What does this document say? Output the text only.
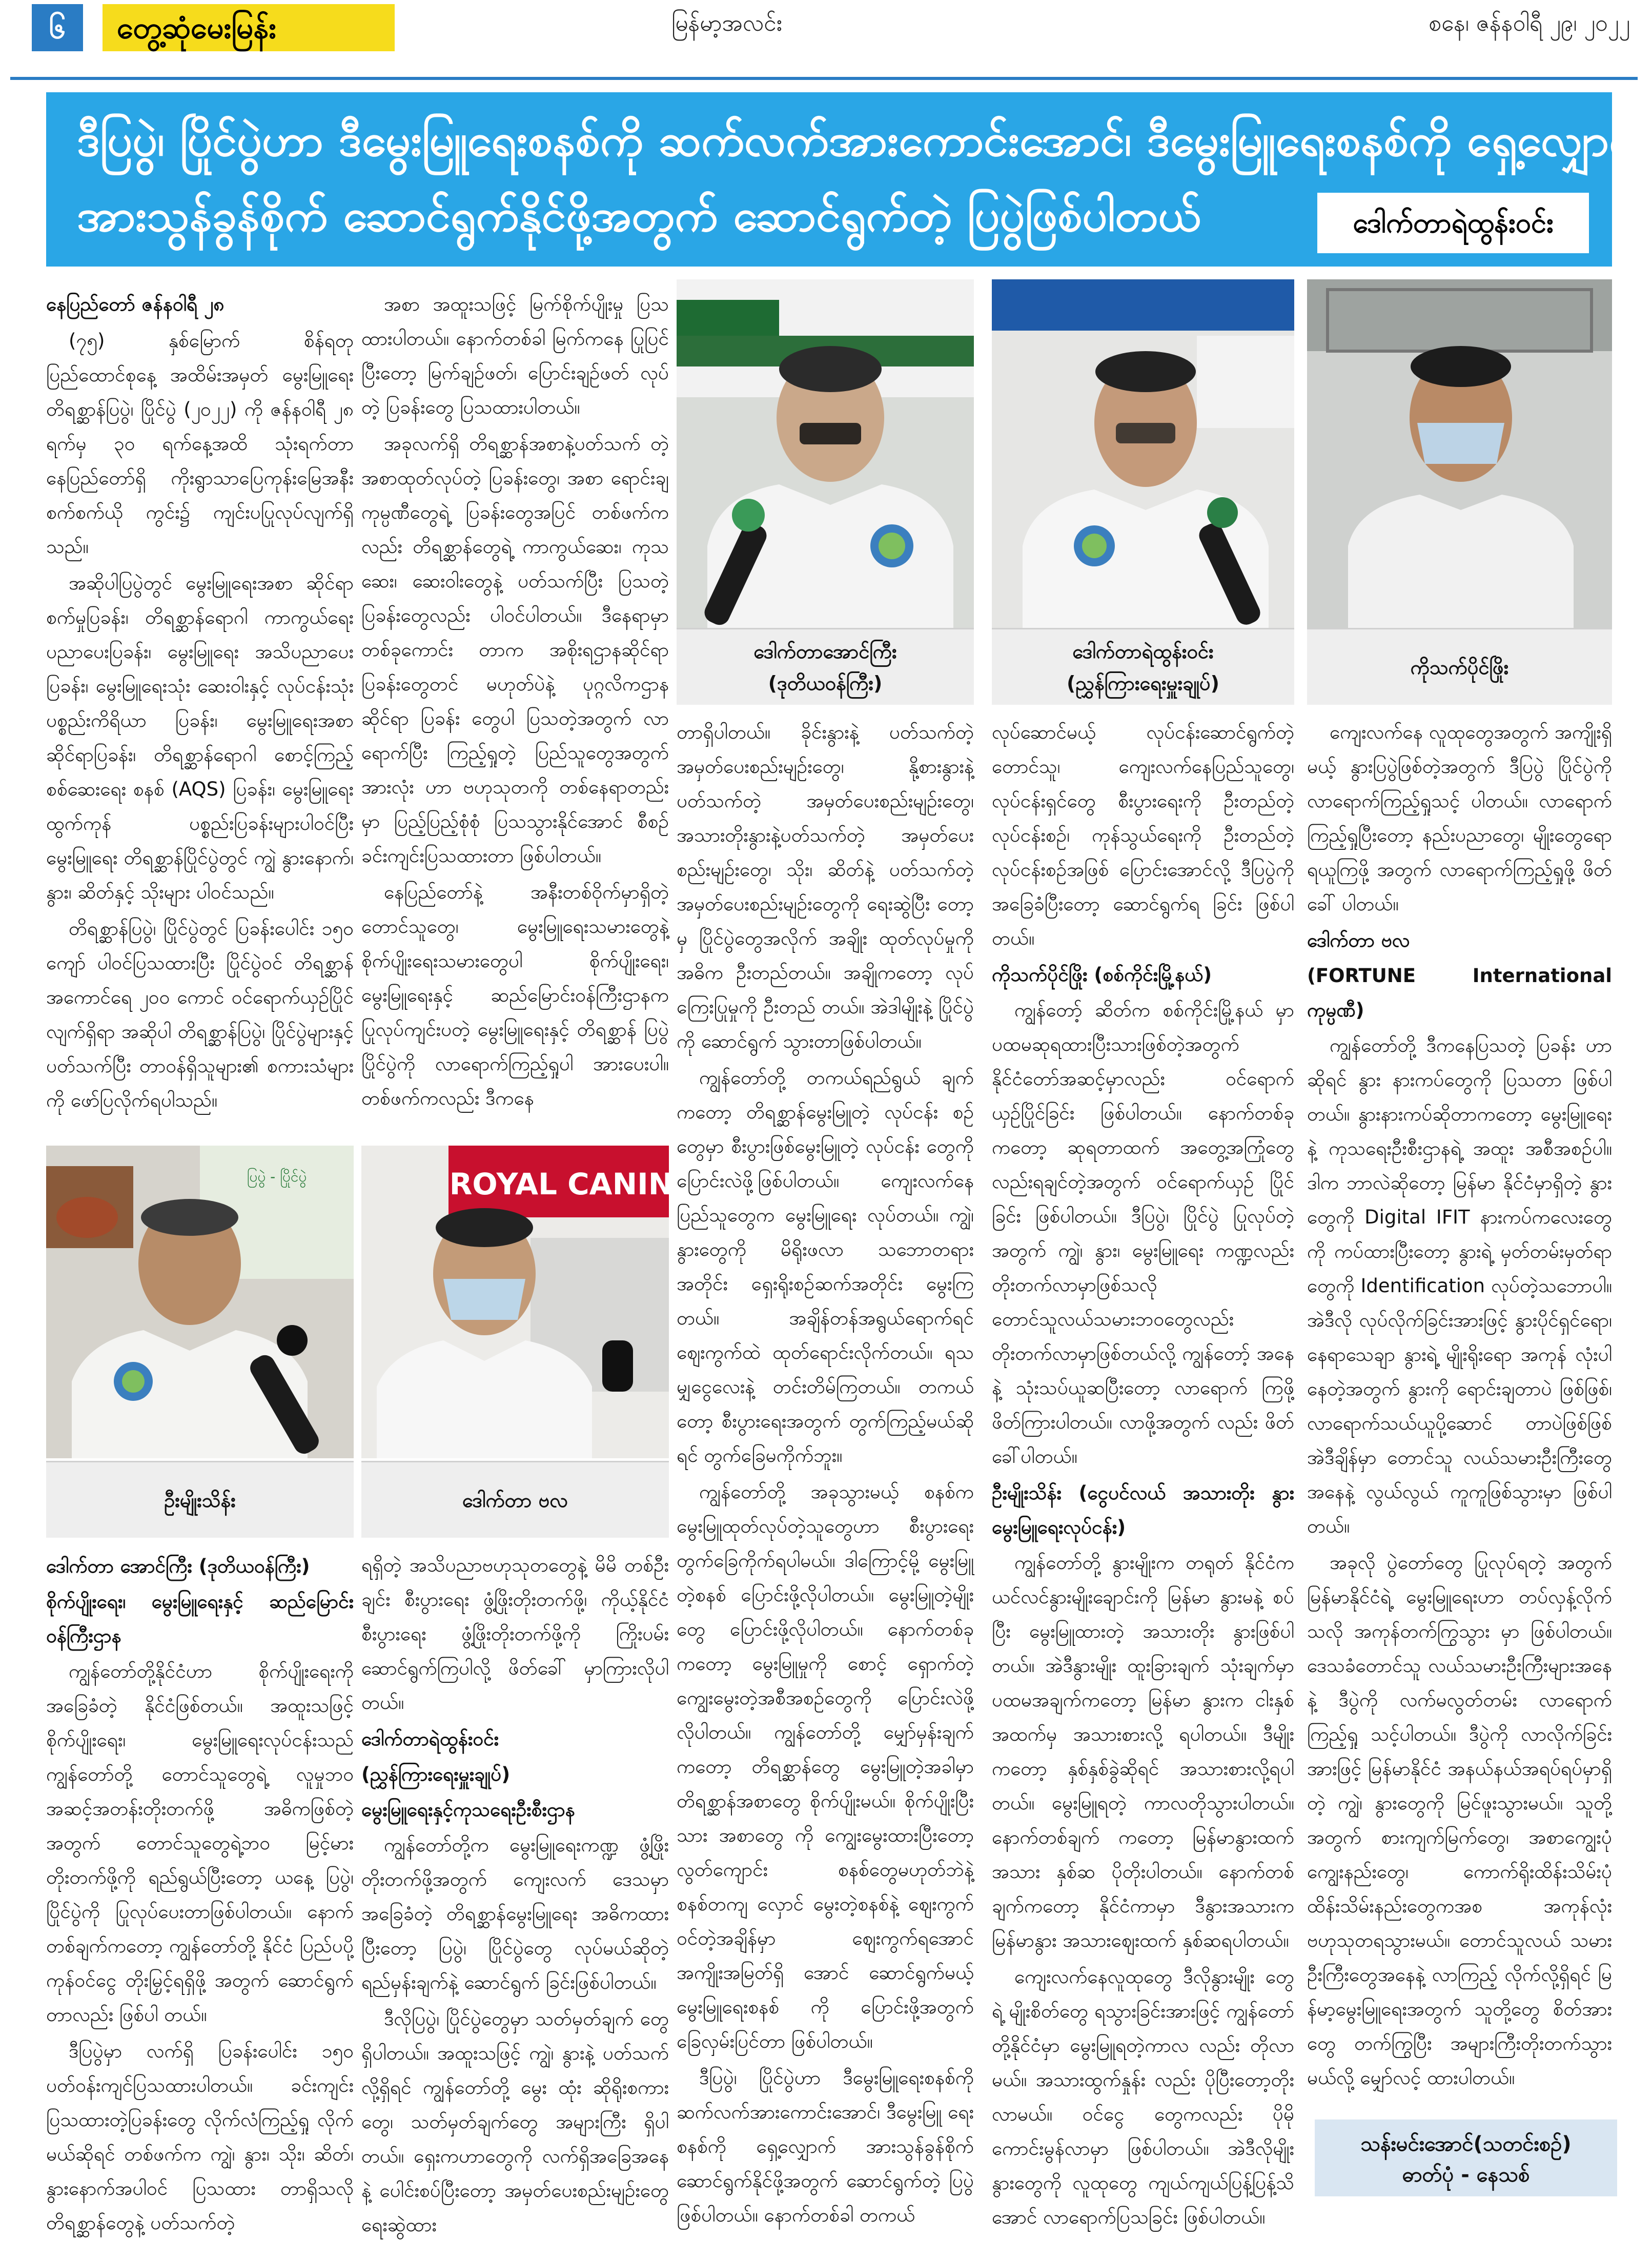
၆	တွေ့ဆုံမေးမြန်း	မြန်မာ့အလင်း	စနေ၊ ဇန်နဝါရီ ၂၉၊ ၂၀၂၂
ဒီပြပွဲ၊ ပြိုင်ပွဲဟာ ဒီမွေးမြူရေးစနစ်ကို ဆက်လက်အားကောင်းအောင်၊ ဒီမွေးမြူရေးစနစ်ကို ရှေ့လျှောက်
အားသွန်ခွန်စိုက် ဆောင်ရွက်နိုင်ဖို့အတွက် ဆောင်ရွက်တဲ့ ပြပွဲဖြစ်ပါတယ်	ဒေါက်တာရဲထွန်းဝင်း

နေပြည်တော် ဇန်နဝါရီ ၂၈

(၇၅) နှစ်မြောက် စိန်ရတု ပြည်ထောင်စုနေ့ အထိမ်းအမှတ် မွေးမြူရေး တိရစ္ဆာန်ပြပွဲ၊ ပြိုင်ပွဲ (၂၀၂၂) ကို ဇန်နဝါရီ ၂၈ ရက်မှ ၃၀ ရက်နေ့အထိ သုံးရက်တာ နေပြည်တော်ရှိ ကိုးရွာသာပြေကုန်းမြေအနီး စက်စက်ယို ကွင်း၌ ကျင်းပပြုလုပ်လျက်ရှိသည်။

အဆိုပါပြပွဲတွင် မွေးမြူရေးအစာ ဆိုင်ရာ စက်မှုပြခန်း၊ တိရစ္ဆာန်ရောဂါ ကာကွယ်ရေး ပညာပေးပြခန်း၊ မွေးမြူရေး အသိပညာပေးပြခန်း၊ မွေးမြူရေးသုံး ဆေးဝါးနှင့် လုပ်ငန်းသုံးပစ္စည်းကိရိယာ ပြခန်း၊ မွေးမြူရေးအစာဆိုင်ရာပြခန်း၊ တိရစ္ဆာန်ရောဂါ စောင့်ကြည့်စစ်ဆေးရေး စနစ် (AQS) ပြခန်း၊ မွေးမြူရေးထွက်ကုန် ပစ္စည်းပြခန်းများပါဝင်ပြီး မွေးမြူရေး တိရစ္ဆာန်ပြိုင်ပွဲတွင် ကျွဲ နွားနောက်၊ နွား၊ ဆိတ်နှင့် သိုးများ ပါဝင်သည်။

တိရစ္ဆာန်ပြပွဲ၊ ပြိုင်ပွဲတွင် ပြခန်းပေါင်း ၁၅၀ ကျော် ပါဝင်ပြသထားပြီး ပြိုင်ပွဲဝင် တိရစ္ဆာန်အကောင်ရေ ၂၀၀ ကောင် ဝင်ရောက်ယှဉ်ပြိုင်လျက်ရှိရာ အဆိုပါ တိရစ္ဆာန်ပြပွဲ၊ ပြိုင်ပွဲများနှင့် ပတ်သက်ပြီး တာဝန်ရှိသူများ၏ စကားသံများကို ဖော်ပြလိုက်ရပါသည်။

အစာ အထူးသဖြင့် မြက်စိုက်ပျိုးမှု ပြသ ထားပါတယ်။ နောက်တစ်ခါ မြက်ကနေ ပြုပြင် ပြီးတော့ မြက်ချဉ်ဖတ်၊ ပြောင်းချဉ်ဖတ် လုပ်တဲ့ ပြခန်းတွေ ပြသထားပါတယ်။

အခုလက်ရှိ တိရစ္ဆာန်အစာနဲ့ပတ်သက် တဲ့ အစာထုတ်လုပ်တဲ့ ပြခန်းတွေ၊ အစာ ရောင်းချ ကုမ္ပဏီတွေရဲ့ ပြခန်းတွေအပြင် တစ်ဖက်ကလည်း တိရစ္ဆာန်တွေရဲ့ ကာကွယ်ဆေး၊ ကုသဆေး၊ ဆေးဝါးတွေနဲ့ ပတ်သက်ပြီး ပြသတဲ့ ပြခန်းတွေလည်း ပါဝင်ပါတယ်။ ဒီနေရာမှာ တစ်ခုကောင်း တာက အစိုးရဌာနဆိုင်ရာ ပြခန်းတွေတင် မဟုတ်ပဲနဲ့ ပုဂ္ဂလိကဌာနဆိုင်ရာ ပြခန်း တွေပါ ပြသတဲ့အတွက် လာရောက်ပြီး ကြည့်ရှုတဲ့ ပြည်သူတွေအတွက် အားလုံး ဟာ ဗဟုသုတကို တစ်နေရာတည်းမှာ ပြည့်ပြည့်စုံစုံ ပြသသွားနိုင်အောင် စီစဉ် ခင်းကျင်းပြသထားတာ ဖြစ်ပါတယ်။

နေပြည်တော်နဲ့ အနီးတစ်ဝိုက်မှာရှိတဲ့ တောင်သူတွေ၊ မွေးမြူရေးသမားတွေနဲ့ စိုက်ပျိုးရေးသမားတွေပါ စိုက်ပျိုးရေး၊ မွေးမြူရေးနှင့် ဆည်မြောင်းဝန်ကြီးဌာနက ပြုလုပ်ကျင်းပတဲ့ မွေးမြူရေးနှင့် တိရစ္ဆာန် ပြပွဲ ပြိုင်ပွဲကို လာရောက်ကြည့်ရှုပါ အားပေးပါ။ တစ်ဖက်ကလည်း ဒီကနေ

ဒေါက်တာအောင်ကြီး
(ဒုတိယဝန်ကြီး)
ဒေါက်တာရဲထွန်းဝင်း
(ညွှန်ကြားရေးမှူးချုပ်)
ကိုသက်ပိုင်ဖြိုး

တာရှိပါတယ်။ ခိုင်းနွားနဲ့ ပတ်သက်တဲ့ အမှတ်ပေးစည်းမျဉ်းတွေ၊ နို့စားနွားနဲ့ ပတ်သက်တဲ့ အမှတ်ပေးစည်းမျဉ်းတွေ၊ အသားတိုးနွားနဲ့ပတ်သက်တဲ့ အမှတ်ပေး စည်းမျဉ်းတွေ၊ သိုး၊ ဆိတ်နဲ့ ပတ်သက်တဲ့ အမှတ်ပေးစည်းမျဉ်းတွေကို ရေးဆွဲပြီး တော့မှ ပြိုင်ပွဲတွေအလိုက် အချိုး ထုတ်လုပ်မှုကို အဓိက ဦးတည်တယ်။ အချိုကတော့ လုပ်ကြေးပြုမှုကို ဦးတည် တယ်။ အဲဒါမျိုးနဲ့ ပြိုင်ပွဲကို ဆောင်ရွက် သွားတာဖြစ်ပါတယ်။

ကျွန်တော်တို့ တကယ်ရည်ရွယ် ချက်ကတော့ တိရစ္ဆာန်မွေးမြူတဲ့ လုပ်ငန်း စဉ်တွေမှာ စီးပွားဖြစ်မွေးမြူတဲ့ လုပ်ငန်း တွေကိုပြောင်းလဲဖို့ဖြစ်ပါတယ်။ ကျေးလက်နေ ပြည်သူတွေက မွေးမြူရေး လုပ်တယ်။ ကျွဲ၊ နွားတွေကို မိရိုးဖလာ သဘောတရား အတိုင်း ရှေးရိုးစဉ်ဆက်အတိုင်း မွေးကြ တယ်။ အချိန်တန်အရွယ်ရောက်ရင် ဈေးကွက်ထဲ ထုတ်ရောင်းလိုက်တယ်။ ရသမျှငွေလေးနဲ့ တင်းတိမ်ကြတယ်။ တကယ်တော့ စီးပွားရေးအတွက် တွက်ကြည့်မယ်ဆိုရင် တွက်ခြေမကိုက်ဘူး။

ကျွန်တော်တို့ အခုသွားမယ့် စနစ်က မွေးမြူထုတ်လုပ်တဲ့သူတွေဟာ စီးပွားရေး တွက်ခြေကိုက်ရပါမယ်။ ဒါကြောင့်မို့ မွေးမြူတဲ့စနစ် ပြောင်းဖို့လိုပါတယ်။ မွေးမြူတဲ့မျိုးတွေ ပြောင်းဖို့လိုပါတယ်။ နောက်တစ်ခုကတော့ မွေးမြူမှုကို စောင့် ရှောက်တဲ့ ကျွေးမွေးတဲ့အစီအစဉ်တွေကို ပြောင်းလဲဖို့ လိုပါတယ်။ ကျွန်တော်တို့ မျှော်မှန်းချက်ကတော့ တိရစ္ဆာန်တွေ မွေးမြူတဲ့အခါမှာ တိရစ္ဆာန်အစာတွေ စိုက်ပျိုးမယ်။ စိုက်ပျိုးပြီးသား အစာတွေ ကို ကျွေးမွေးထားပြီးတော့ လွတ်ကျောင်း စနစ်တွေမဟုတ်ဘဲနဲ့ စနစ်တကျ လှောင် မွေးတဲ့စနစ်နဲ့ ဈေးကွက်ဝင်တဲ့အချိန်မှာ ဈေးကွက်ရအောင် အကျိုးအမြတ်ရှိ အောင် ဆောင်ရွက်မယ့် မွေးမြူရေးစနစ် ကို ပြောင်းဖို့အတွက် ခြေလှမ်းပြင်တာ ဖြစ်ပါတယ်။

ဒီပြပွဲ၊ ပြိုင်ပွဲဟာ ဒီမွေးမြူရေးစနစ်ကို ဆက်လက်အားကောင်းအောင်၊ ဒီမွေးမြူ ရေးစနစ်ကို ရှေ့လျှောက် အားသွန်ခွန်စိုက် ဆောင်ရွက်နိုင်ဖို့အတွက် ဆောင်ရွက်တဲ့ ပြပွဲဖြစ်ပါတယ်။ နောက်တစ်ခါ တကယ်

လုပ်ဆောင်မယ့် လုပ်ငန်းဆောင်ရွက်တဲ့ တောင်သူ၊ ကျေးလက်နေပြည်သူတွေ၊ လုပ်ငန်းရှင်တွေ စီးပွားရေးကို ဦးတည်တဲ့ လုပ်ငန်းစဉ်၊ ကုန်သွယ်ရေးကို ဦးတည်တဲ့ လုပ်ငန်းစဉ်အဖြစ် ပြောင်းအောင်လို့ ဒီပြပွဲကို အခြေခံပြီးတော့ ဆောင်ရွက်ရ ခြင်း ဖြစ်ပါတယ်။

ကိုသက်ပိုင်ဖြိုး (စစ်ကိုင်းမြို့နယ်)

ကျွန်တော့် ဆိတ်က စစ်ကိုင်းမြို့နယ် မှာ ပထမဆုရထားပြီးသားဖြစ်တဲ့အတွက် နိုင်ငံတော်အဆင့်မှာလည်း ဝင်ရောက် ယှဉ်ပြိုင်ခြင်း ဖြစ်ပါတယ်။ နောက်တစ်ခု ကတော့ ဆုရတာထက် အတွေ့အကြုံတွေ လည်းရချင်တဲ့အတွက် ဝင်ရောက်ယှဉ် ပြိုင်ခြင်း ဖြစ်ပါတယ်။ ဒီပြပွဲ၊ ပြိုင်ပွဲ ပြုလုပ်တဲ့အတွက် ကျွဲ၊ နွား၊ မွေးမြူရေး ကဏ္ဍလည်း တိုးတက်လာမှာဖြစ်သလို တောင်သူလယ်သမားဘဝတွေလည်း တိုးတက်လာမှာဖြစ်တယ်လို့ ကျွန်တော့် အနေနဲ့ သုံးသပ်ယူဆပြီးတော့ လာရောက် ကြဖို့ ဖိတ်ကြားပါတယ်။ လာဖို့အတွက် လည်း ဖိတ်ခေါ်ပါတယ်။

ဦးမျိုးသိန်း (ငွေပင်လယ် အသားတိုး နွားမွေးမြူရေးလုပ်ငန်း)

ကျွန်တော်တို့ နွားမျိုးက တရုတ် နိုင်ငံက ယင်လင်နွားမျိုးချောင်းကို မြန်မာ နွားမနဲ့ စပ်ပြီး မွေးမြူထားတဲ့ အသားတိုး နွားဖြစ်ပါတယ်။ အဲဒီနွားမျိုး ထူးခြားချက် သုံးချက်မှာ ပထမအချက်ကတော့ မြန်မာ နွားက ငါးနှစ်အထက်မှ အသားစားလို့ ရပါတယ်။ ဒီမျိုးကတော့ နှစ်နှစ်ခွဲဆိုရင် အသားစားလို့ရပါတယ်။ မွေးမြူရတဲ့ ကာလတိုသွားပါတယ်။ နောက်တစ်ချက် ကတော့ မြန်မာနွားထက် အသား နှစ်ဆ ပိုတိုးပါတယ်။ နောက်တစ်ချက်ကတော့ နိုင်ငံကာမှာ ဒီနွားအသားက မြန်မာနွား အသားဈေးထက် နှစ်ဆရပါတယ်။

ကျေးလက်နေလူထုတွေ ဒီလိုနွားမျိုး တွေရဲ့ မျိုးစိတ်တွေ ရသွားခြင်းအားဖြင့် ကျွန်တော်တို့နိုင်ငံမှာ မွေးမြူရတဲ့ကာလ လည်း တိုလာမယ်။ အသားထွက်နှုန်း လည်း ပိုပြီးတော့တိုးလာမယ်။ ဝင်ငွေ တွေကလည်း ပိုမိုကောင်းမွန်လာမှာ ဖြစ်ပါတယ်။ အဲဒီလိုမျိုး နွားတွေကို လူထုတွေ ကျယ်ကျယ်ပြန့်ပြန့်သိအောင် လာရောက်ပြသခြင်း ဖြစ်ပါတယ်။

ကျေးလက်နေ လူထုတွေအတွက် အကျိုးရှိမယ့် နွားပြပွဲဖြစ်တဲ့အတွက် ဒီပြပွဲ ပြိုင်ပွဲကို လာရောက်ကြည့်ရှုသင့် ပါတယ်။ လာရောက်ကြည့်ရှုပြီးတော့ နည်းပညာတွေ၊ မျိုးတွေရော ရယူကြဖို့ အတွက် လာရောက်ကြည့်ရှုဖို့ ဖိတ်ခေါ် ပါတယ်။

ဒေါက်တာ ဗလ
(FORTUNE International ကုမ္ပဏီ)

ကျွန်တော်တို့ ဒီကနေပြသတဲ့ ပြခန်း ဟာဆိုရင် နွား နားကပ်တွေကို ပြသတာ ဖြစ်ပါတယ်။ နွားနားကပ်ဆိုတာကတော့ မွေးမြူရေးနဲ့ ကုသရေးဦးစီးဌာနရဲ့ အထူး အစီအစဉ်ပါ။ ဒါက ဘာလဲဆိုတော့ မြန်မာ နိုင်ငံမှာရှိတဲ့ နွားတွေကို Digital IFIT နားကပ်ကလေးတွေကို ကပ်ထားပြီးတော့ နွားရဲ့ မှတ်တမ်းမှတ်ရာတွေကို Identification လုပ်တဲ့သဘောပါ။ အဲဒီလို လုပ်လိုက်ခြင်းအားဖြင့် နွားပိုင်ရှင်ရော၊ နေရာသေချာ နွားရဲ့ မျိုးရိုးရော အကုန် လုံးပါနေတဲ့အတွက် နွားကို ရောင်းချတာပဲ ဖြစ်ဖြစ်၊ လာရောက်သယ်ယူပို့ဆောင် တာပဲဖြစ်ဖြစ် အဲဒီချိန်မှာ တောင်သူ လယ်သမားဦးကြီးတွေအနေနဲ့ လွယ်လွယ် ကူကူဖြစ်သွားမှာ ဖြစ်ပါတယ်။

အခုလို ပွဲတော်တွေ ပြုလုပ်ရတဲ့ အတွက် မြန်မာနိုင်ငံရဲ့ မွေးမြူရေးဟာ တပ်လှန့်လိုက်သလို အကုန်တက်ကြွသွား မှာ ဖြစ်ပါတယ်။ ဒေသခံတောင်သူ လယ်သမားဦးကြီးများအနေနဲ့ ဒီပွဲကို လက်မလွတ်တမ်း လာရောက်ကြည့်ရှု သင့်ပါတယ်။ ဒီပွဲကို လာလိုက်ခြင်းအားဖြင့် မြန်မာနိုင်ငံ အနယ်နယ်အရပ်ရပ်မှာရှိတဲ့ ကျွဲ၊ နွားတွေကို မြင်ဖူးသွားမယ်။ သူတို့ အတွက် စားကျက်မြက်တွေ၊ အစာကျွေးပုံ ကျွေးနည်းတွေ၊ ကောက်ရိုးထိန်းသိမ်းပုံ ထိန်းသိမ်းနည်းတွေကအစ အကုန်လုံး ဗဟုသုတရသွားမယ်။ တောင်သူလယ် သမား ဦးကြီးတွေအနေနဲ့ လာကြည့် လိုက်လို့ရှိရင် မြန်မာ့မွေးမြူရေးအတွက် သူတို့တွေ စိတ်အားတွေ တက်ကြွပြီး အများကြီးတိုးတက်သွားမယ်လို့ မျှော်လင့် ထားပါတယ်။

ပြပွဲ - ပြိုင်ပွဲ
ဦးမျိုးသိန်း
ROYAL CANIN
ဒေါက်တာ ဗလ
ဒေါက်တာ အောင်ကြီး (ဒုတိယဝန်ကြီး)
စိုက်ပျိုးရေး၊ မွေးမြူရေးနှင့် ဆည်မြောင်းဝန်ကြီးဌာန

ကျွန်တော်တို့နိုင်ငံဟာ စိုက်ပျိုးရေးကို အခြေခံတဲ့ နိုင်ငံဖြစ်တယ်။ အထူးသဖြင့် စိုက်ပျိုးရေး၊ မွေးမြူရေးလုပ်ငန်းသည် ကျွန်တော်တို့ တောင်သူတွေရဲ့ လူမှုဘဝ အဆင့်အတန်းတိုးတက်ဖို့ အဓိကဖြစ်တဲ့ အတွက် တောင်သူတွေရဲ့ဘဝ မြင့်မားတိုးတက်ဖို့ကို ရည်ရွယ်ပြီးတော့ ယနေ့ ပြပွဲ၊ ပြိုင်ပွဲကို ပြုလုပ်ပေးတာဖြစ်ပါတယ်။ နောက်တစ်ချက်ကတော့ ကျွန်တော်တို့ နိုင်ငံ ပြည်ပပို့ကုန်ဝင်ငွေ တိုးမြှင့်ရရှိဖို့ အတွက် ဆောင်ရွက်တာလည်း ဖြစ်ပါ တယ်။

ဒီပြပွဲမှာ လက်ရှိ ပြခန်းပေါင်း ၁၅၀ ပတ်ဝန်းကျင်ပြသထားပါတယ်။ ခင်းကျင်း ပြသထားတဲ့ပြခန်းတွေ လိုက်လံကြည့်ရှု လိုက်မယ်ဆိုရင် တစ်ဖက်က ကျွဲ၊ နွား၊ သိုး၊ ဆိတ်၊ နွားနောက်အပါဝင် ပြသထား တာရှိသလို တိရစ္ဆာန်တွေနဲ့ ပတ်သက်တဲ့

ရရှိတဲ့ အသိပညာဗဟုသုတတွေနဲ့ မိမိ တစ်ဦးချင်း စီးပွားရေး ဖွံ့ဖြိုးတိုးတက်ဖို့၊ ကိုယ့်နိုင်ငံ စီးပွားရေး ဖွံ့ဖြိုးတိုးတက်ဖို့ကို ကြိုးပမ်းဆောင်ရွက်ကြပါလို့ ဖိတ်ခေါ် မှာကြားလိုပါတယ်။

ဒေါက်တာရဲထွန်းဝင်း
(ညွှန်ကြားရေးမှူးချုပ်)
မွေးမြူရေးနှင့်ကုသရေးဦးစီးဌာန

ကျွန်တော်တို့က မွေးမြူရေးကဏ္ဍ ဖွံ့ဖြိုးတိုးတက်ဖို့အတွက် ကျေးလက် ဒေသမှာ အခြေခံတဲ့ တိရစ္ဆာန်မွေးမြူရေး အဓိကထားပြီးတော့ ပြပွဲ၊ ပြိုင်ပွဲတွေ လုပ်မယ်ဆိုတဲ့ ရည်မှန်းချက်နဲ့ ဆောင်ရွက် ခြင်းဖြစ်ပါတယ်။

ဒီလိုပြပွဲ၊ ပြိုင်ပွဲတွေမှာ သတ်မှတ်ချက် တွေရှိပါတယ်။ အထူးသဖြင့် ကျွဲ၊ နွားနဲ့ ပတ်သက်လို့ရှိရင် ကျွန်တော်တို့ မွေး ထုံး ဆိုရိုးစကားတွေ၊ သတ်မှတ်ချက်တွေ အများကြီး ရှိပါတယ်။ ရှေးကဟာတွေကို လက်ရှိအခြေအနေနဲ့ ပေါင်းစပ်ပြီးတော့ အမှတ်ပေးစည်းမျဉ်းတွေ ရေးဆွဲထား

သန်းမင်းအောင်(သတင်းစဉ်)
ဓာတ်ပုံ - နေသစ်
